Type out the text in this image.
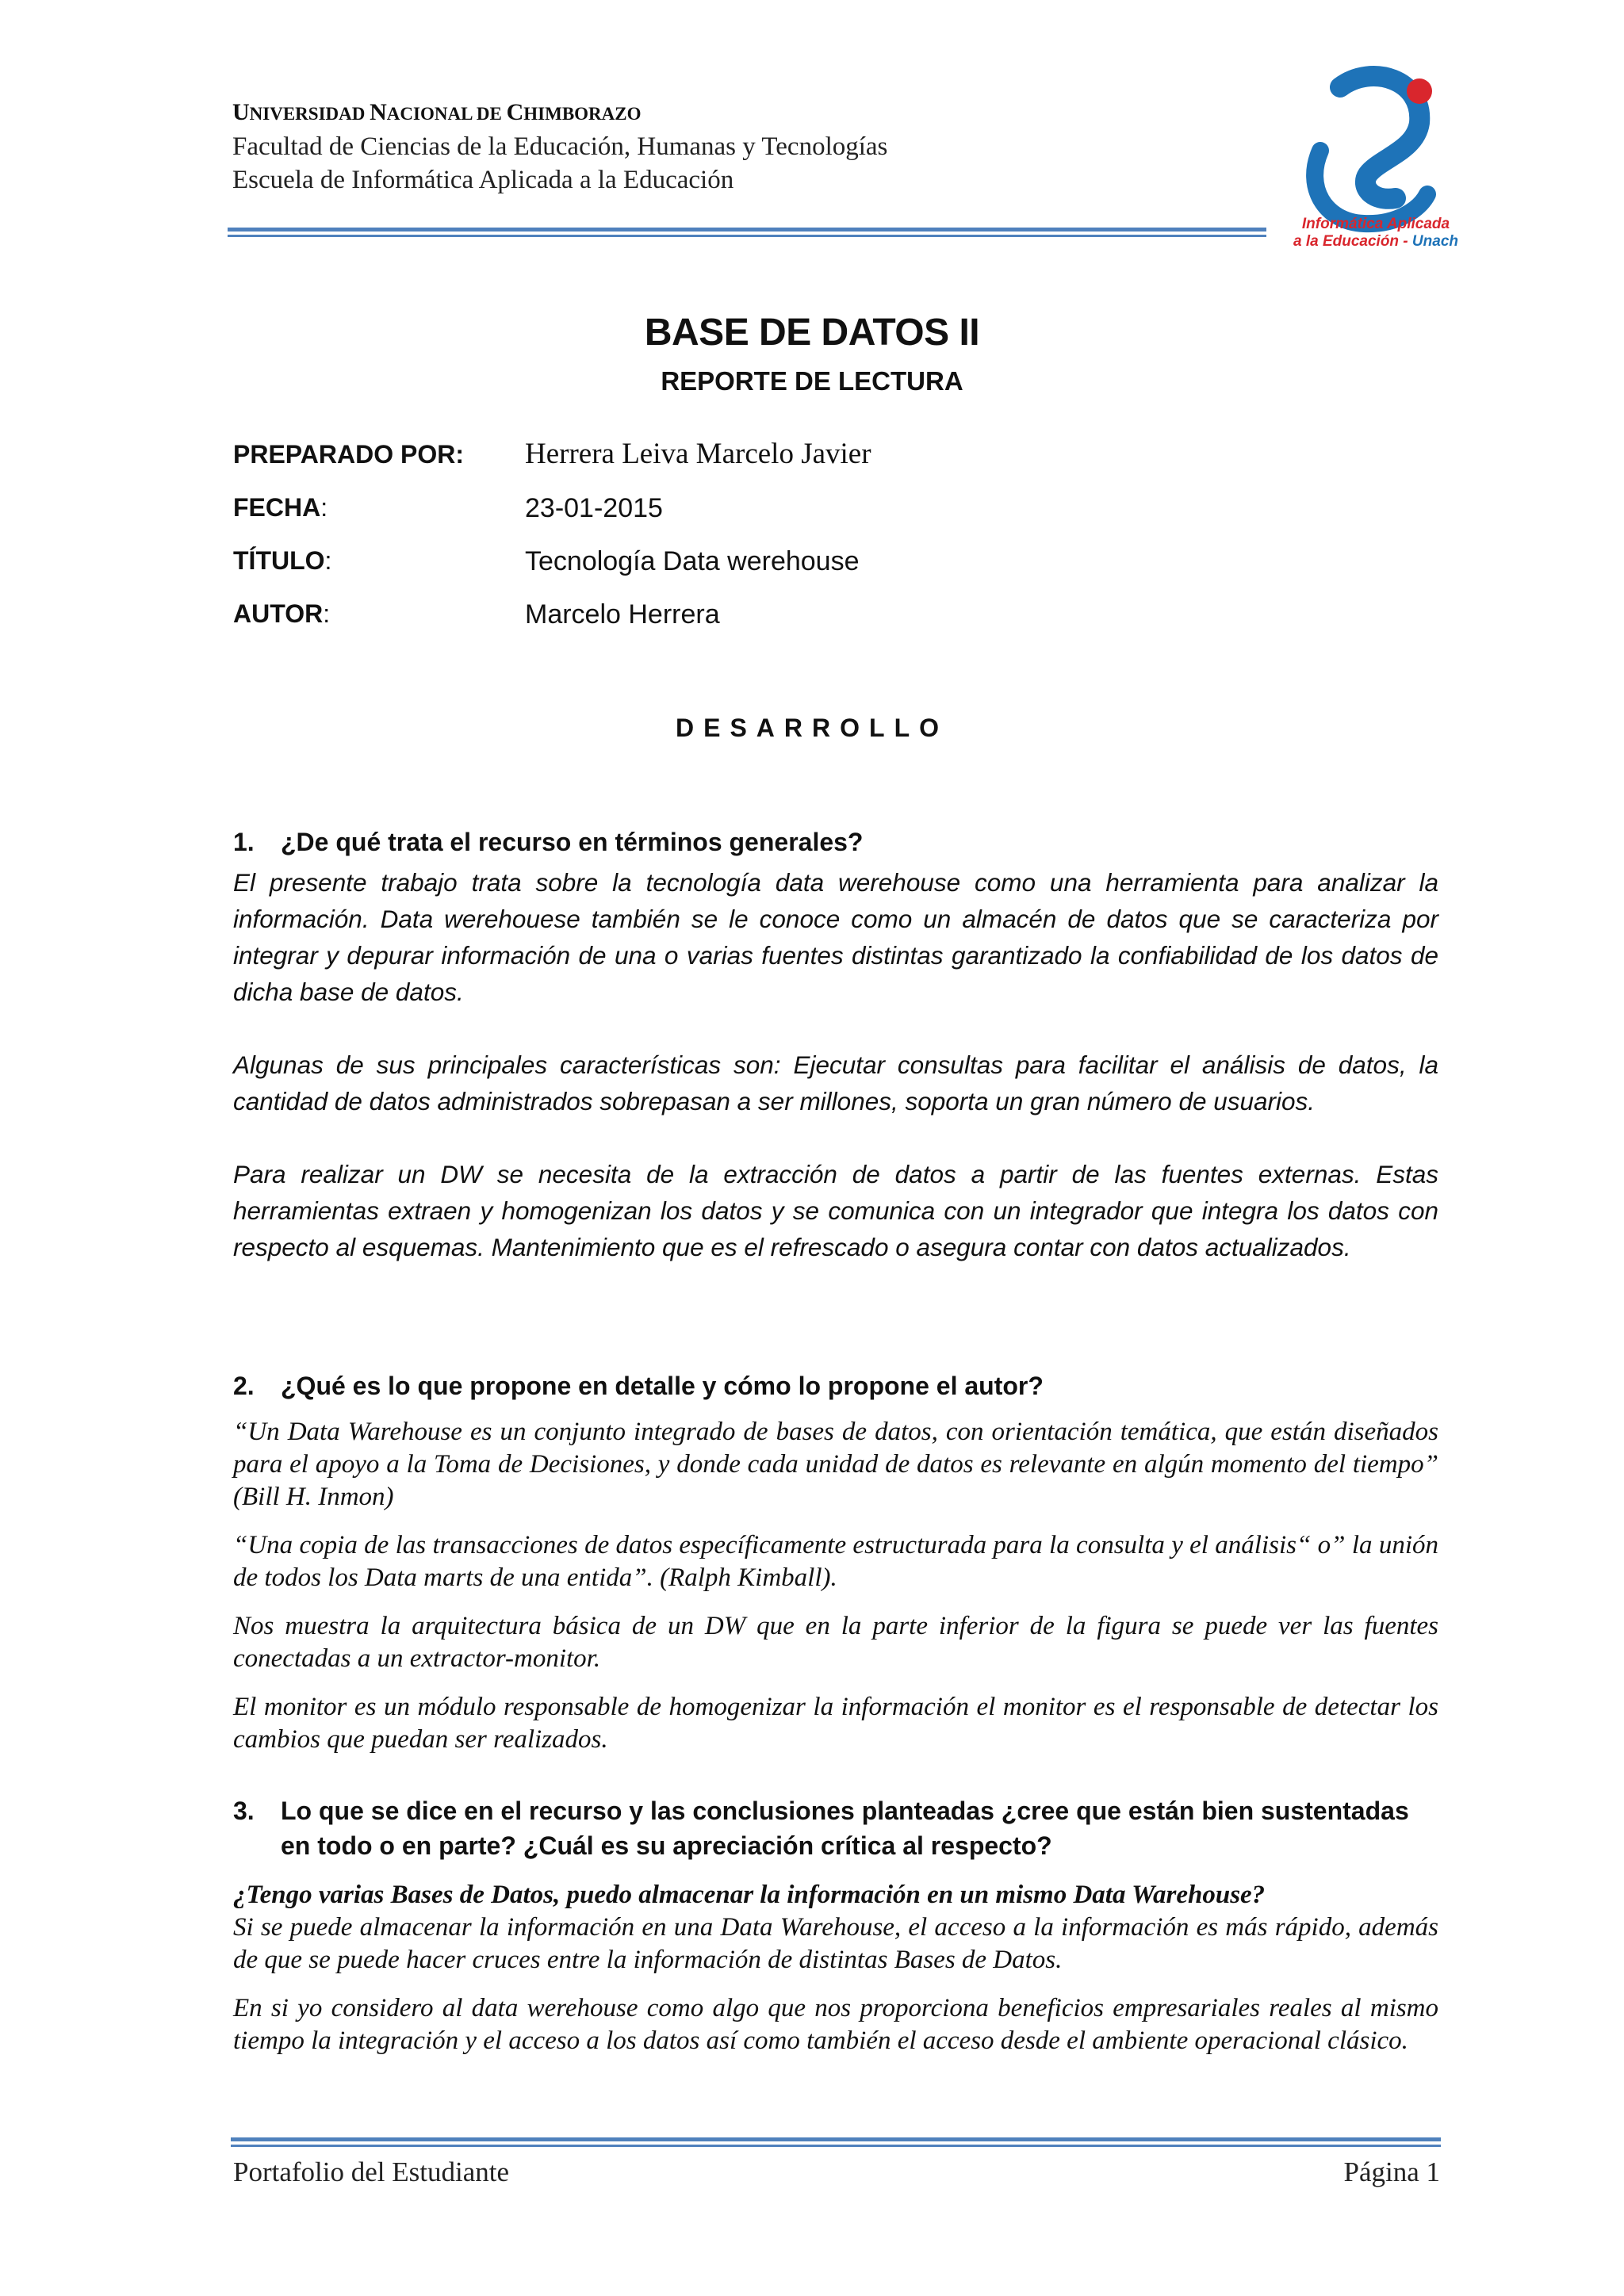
UNIVERSIDAD NACIONAL DE CHIMBORAZO
Facultad de Ciencias de la Educación, Humanas y Tecnologías
Escuela de Informática Aplicada a la Educación
Informática Aplicada
a la Educación - Unach
BASE DE DATOS II
REPORTE DE LECTURA
PREPARADO POR: Herrera Leiva Marcelo Javier
FECHA:	23-01-2015
TÍTULO:	Tecnología Data werehouse
AUTOR:	Marcelo Herrera
DESARROLLO
1. ¿De qué trata el recurso en términos generales?

El presente trabajo trata sobre la tecnología data werehouse como una herramienta para analizar la información. Data werehouese también se le conoce como un almacén de datos que se caracteriza por integrar y depurar información de una o varias fuentes distintas garantizado la confiabilidad de los datos de dicha base de datos.

Algunas de sus principales características son: Ejecutar consultas para facilitar el análisis de datos, la cantidad de datos administrados sobrepasan a ser millones, soporta un gran número de usuarios.

Para realizar un DW se necesita de la extracción de datos a partir de las fuentes externas. Estas herramientas extraen y homogenizan los datos y se comunica con un integrador que integra los datos con respecto al esquemas. Mantenimiento que es el refrescado o asegura contar con datos actualizados.

2. ¿Qué es lo que propone en detalle y cómo lo propone el autor?

“Un Data Warehouse es un conjunto integrado de bases de datos, con orientación temática, que están diseñados para el apoyo a la Toma de Decisiones, y donde cada unidad de datos es relevante en algún momento del tiempo” (Bill H. Inmon)

“Una copia de las transacciones de datos específicamente estructurada para la consulta y el análisis“ o” la unión de todos los Data marts de una entida”. (Ralph Kimball).

Nos muestra la arquitectura básica de un DW que en la parte inferior de la figura se puede ver las fuentes conectadas a un extractor-monitor.

El monitor es un módulo responsable de homogenizar la información el monitor es el responsable de detectar los cambios que puedan ser realizados.

3. Lo que se dice en el recurso y las conclusiones planteadas ¿cree que están bien sustentadas en todo o en parte? ¿Cuál es su apreciación crítica al respecto?

¿Tengo varias Bases de Datos, puedo almacenar la información en un mismo Data Warehouse?
Si se puede almacenar la información en una Data Warehouse, el acceso a la información es más rápido, además de que se puede hacer cruces entre la información de distintas Bases de Datos.

En si yo considero al data werehouse como algo que nos proporciona beneficios empresariales reales al mismo tiempo la integración y el acceso a los datos así como también el acceso desde el ambiente operacional clásico.

Portafolio del Estudiante	Página 1
